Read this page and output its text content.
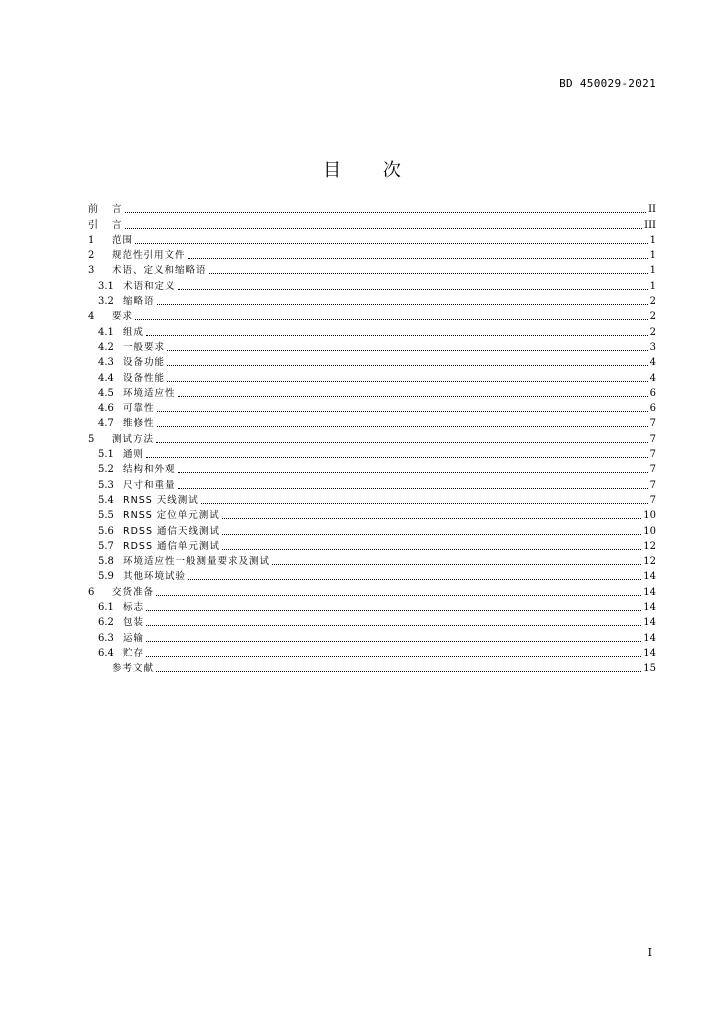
BD 450029-2021
目 次
前	言	II
引	言	III
1	范围	1
2	规范性引用文件	1
3	术语、定义和缩略语	1
3.1 术语和定义	1
3.2 缩略语	2
4	要求	2
4.1 组成	2
4.2 一般要求	3
4.3 设备功能	4
4.4 设备性能	4
4.5 环境适应性	6
4.6 可靠性	6
4.7 维修性	7
5	测试方法	7
5.1 通则	7
5.2 结构和外观	7
5.3 尺寸和重量	7
5.4 RNSS 天线测试	7
5.5 RNSS 定位单元测试	10
5.6 RDSS 通信天线测试	10
5.7 RDSS 通信单元测试	12
5.8 环境适应性一般测量要求及测试	12
5.9 其他环境试验	14
6	交货准备	14
6.1 标志	14
6.2 包装	14
6.3 运输	14
6.4 贮存	14
参考文献	15
I
